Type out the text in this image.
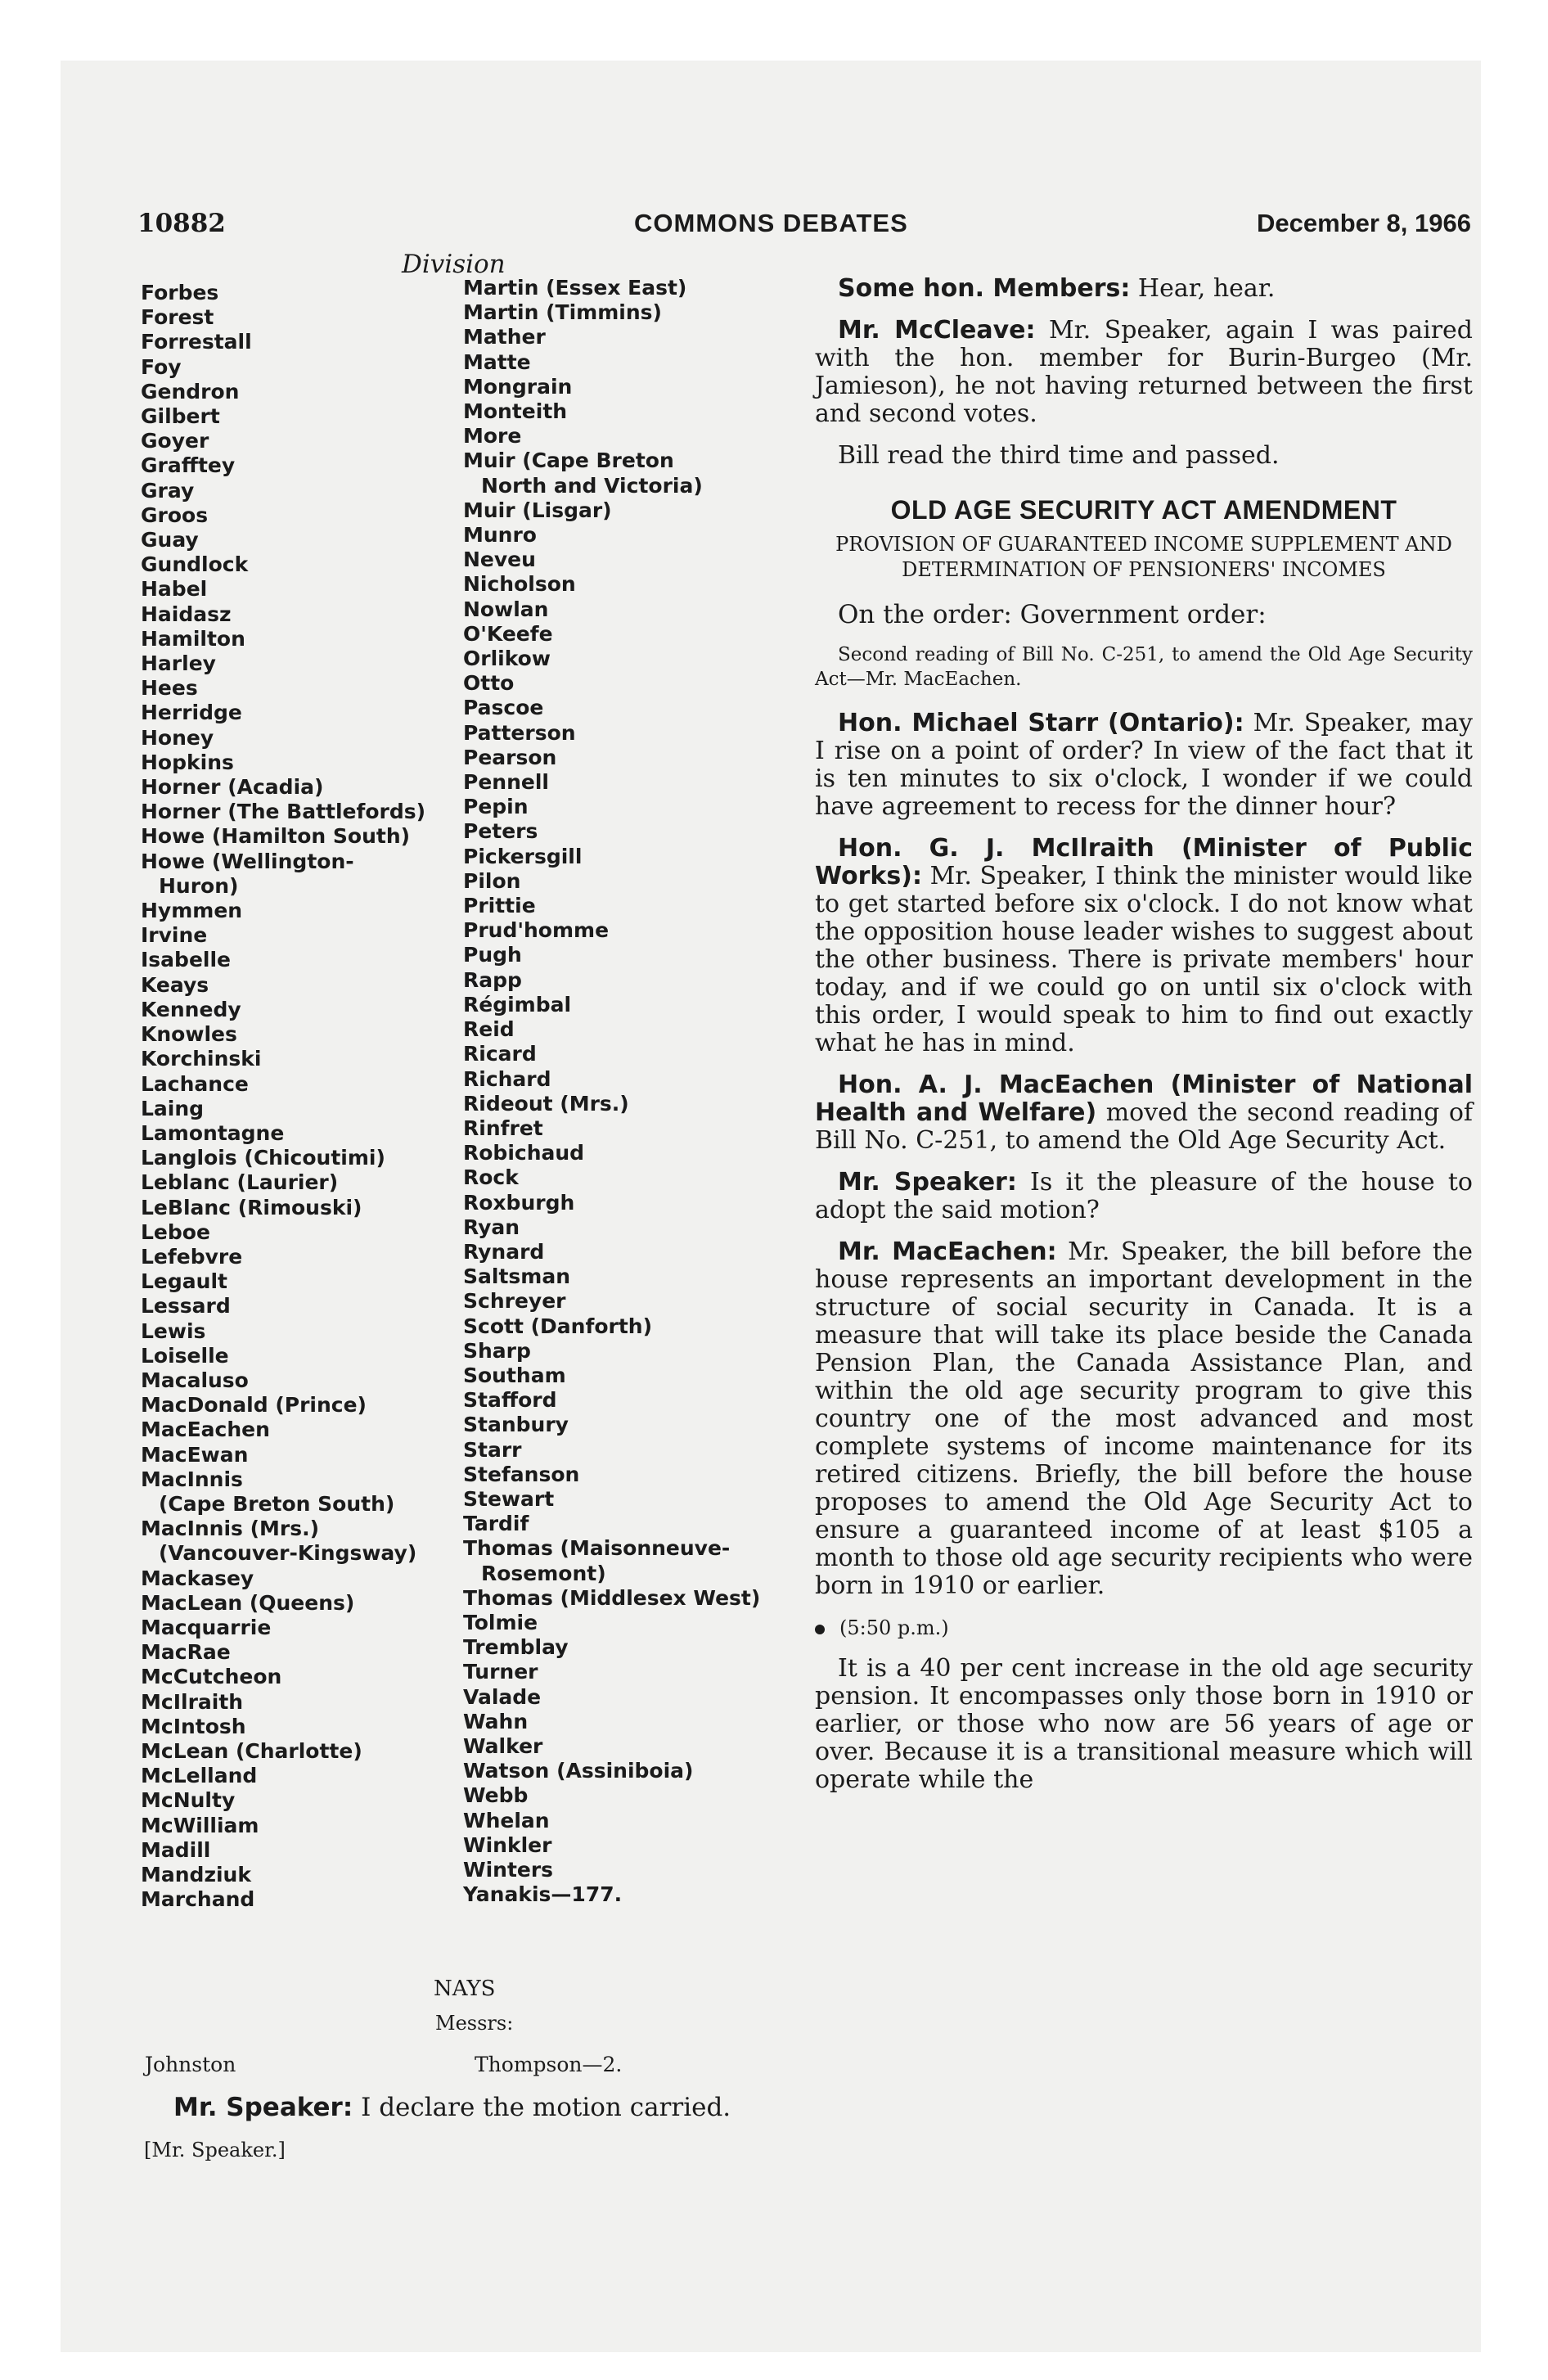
10882	COMMONS DEBATES	December 8, 1966
Division
Forbes
Forest
Forrestall
Foy
Gendron
Gilbert
Goyer
Grafftey
Gray
Groos
Guay
Gundlock
Habel
Haidasz
Hamilton
Harley
Hees
Herridge
Honey
Hopkins
Horner (Acadia)
Horner (The Battlefords)
Howe (Hamilton South)
Howe (Wellington-
Huron)
Hymmen
Irvine
Isabelle
Keays
Kennedy
Knowles
Korchinski
Lachance
Laing
Lamontagne
Langlois (Chicoutimi)
Leblanc (Laurier)
LeBlanc (Rimouski)
Leboe
Lefebvre
Legault
Lessard
Lewis
Loiselle
Macaluso
MacDonald (Prince)
MacEachen
MacEwan
MacInnis
(Cape Breton South)
MacInnis (Mrs.)
(Vancouver-Kingsway)
Mackasey
MacLean (Queens)
Macquarrie
MacRae
McCutcheon
McIlraith
McIntosh
McLean (Charlotte)
McLelland
McNulty
McWilliam
Madill
Mandziuk
Marchand
Martin (Essex East)
Martin (Timmins)
Mather
Matte
Mongrain
Monteith
More
Muir (Cape Breton
North and Victoria)
Muir (Lisgar)
Munro
Neveu
Nicholson
Nowlan
O'Keefe
Orlikow
Otto
Pascoe
Patterson
Pearson
Pennell
Pepin
Peters
Pickersgill
Pilon
Prittie
Prud'homme
Pugh
Rapp
Régimbal
Reid
Ricard
Richard
Rideout (Mrs.)
Rinfret
Robichaud
Rock
Roxburgh
Ryan
Rynard
Saltsman
Schreyer
Scott (Danforth)
Sharp
Southam
Stafford
Stanbury
Starr
Stefanson
Stewart
Tardif
Thomas (Maisonneuve-
Rosemont)
Thomas (Middlesex West)
Tolmie
Tremblay
Turner
Valade
Wahn
Walker
Watson (Assiniboia)
Webb
Whelan
Winkler
Winters
Yanakis—177.
NAYS
Messrs:
Johnston	Thompson—2.
Mr. Speaker: I declare the motion carried.
[Mr. Speaker.]

Some hon. Members: Hear, hear.

Mr. McCleave: Mr. Speaker, again I was paired with the hon. member for Burin-Burgeo (Mr. Jamieson), he not having returned between the first and second votes.

Bill read the third time and passed.

OLD AGE SECURITY ACT AMENDMENT
PROVISION OF GUARANTEED INCOME SUPPLEMENT AND DETERMINATION OF PENSIONERS' INCOMES

On the order: Government order:

Second reading of Bill No. C-251, to amend the Old Age Security Act—Mr. MacEachen.

Hon. Michael Starr (Ontario): Mr. Speaker, may I rise on a point of order? In view of the fact that it is ten minutes to six o'clock, I wonder if we could have agreement to recess for the dinner hour?

Hon. G. J. McIlraith (Minister of Public Works): Mr. Speaker, I think the minister would like to get started before six o'clock. I do not know what the opposition house leader wishes to suggest about the other business. There is private members' hour today, and if we could go on until six o'clock with this order, I would speak to him to find out exactly what he has in mind.

Hon. A. J. MacEachen (Minister of National Health and Welfare) moved the second reading of Bill No. C-251, to amend the Old Age Security Act.

Mr. Speaker: Is it the pleasure of the house to adopt the said motion?

Mr. MacEachen: Mr. Speaker, the bill before the house represents an important development in the structure of social security in Canada. It is a measure that will take its place beside the Canada Pension Plan, the Canada Assistance Plan, and within the old age security program to give this country one of the most advanced and most complete systems of income maintenance for its retired citizens. Briefly, the bill before the house proposes to amend the Old Age Security Act to ensure a guaranteed income of at least $105 a month to those old age security recipients who were born in 1910 or earlier.

(5:50 p.m.)

It is a 40 per cent increase in the old age security pension. It encompasses only those born in 1910 or earlier, or those who now are 56 years of age or over. Because it is a transitional measure which will operate while the
